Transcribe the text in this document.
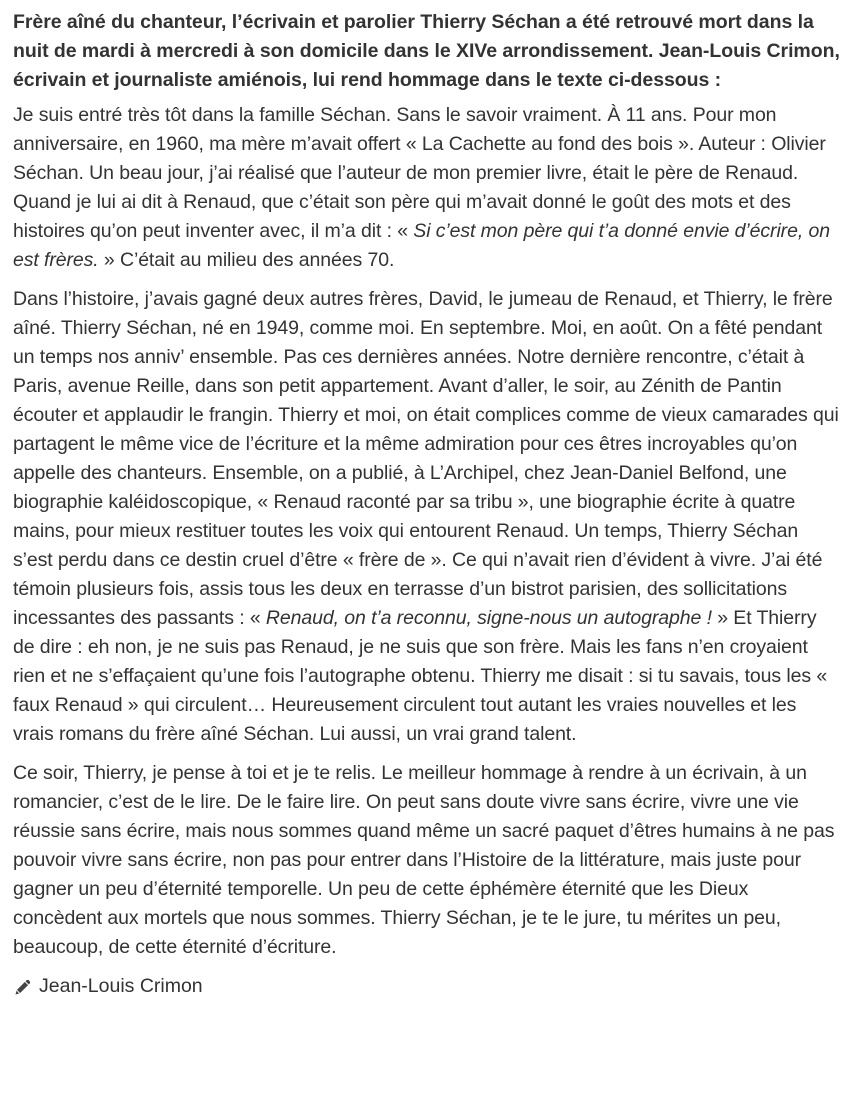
Frère aîné du chanteur, l’écrivain et parolier Thierry Séchan a été retrouvé mort dans la nuit de mardi à mercredi à son domicile dans le XIVe arrondissement. Jean-Louis Crimon, écrivain et journaliste amiénois, lui rend hommage dans le texte ci-dessous :

Je suis entré très tôt dans la famille Séchan. Sans le savoir vraiment. À 11 ans. Pour mon anniversaire, en 1960, ma mère m’avait offert « La Cachette au fond des bois ». Auteur : Olivier Séchan. Un beau jour, j’ai réalisé que l’auteur de mon premier livre, était le père de Renaud. Quand je lui ai dit à Renaud, que c’était son père qui m’avait donné le goût des mots et des histoires qu’on peut inventer avec, il m’a dit : « Si c’est mon père qui t’a donné envie d’écrire, on est frères. » C’était au milieu des années 70.

Dans l’histoire, j’avais gagné deux autres frères, David, le jumeau de Renaud, et Thierry, le frère aîné. Thierry Séchan, né en 1949, comme moi. En septembre. Moi, en août. On a fêté pendant un temps nos anniv’ ensemble. Pas ces dernières années. Notre dernière rencontre, c’était à Paris, avenue Reille, dans son petit appartement. Avant d’aller, le soir, au Zénith de Pantin écouter et applaudir le frangin. Thierry et moi, on était complices comme de vieux camarades qui partagent le même vice de l’écriture et la même admiration pour ces êtres incroyables qu’on appelle des chanteurs. Ensemble, on a publié, à L’Archipel, chez Jean-Daniel Belfond, une biographie kaléidoscopique, « Renaud raconté par sa tribu », une biographie écrite à quatre mains, pour mieux restituer toutes les voix qui entourent Renaud. Un temps, Thierry Séchan s’est perdu dans ce destin cruel d’être « frère de ». Ce qui n’avait rien d’évident à vivre. J’ai été témoin plusieurs fois, assis tous les deux en terrasse d’un bistrot parisien, des sollicitations incessantes des passants : « Renaud, on t’a reconnu, signe-nous un autographe ! » Et Thierry de dire : eh non, je ne suis pas Renaud, je ne suis que son frère. Mais les fans n’en croyaient rien et ne s’effaçaient qu’une fois l’autographe obtenu. Thierry me disait : si tu savais, tous les « faux Renaud » qui circulent… Heureusement circulent tout autant les vraies nouvelles et les vrais romans du frère aîné Séchan. Lui aussi, un vrai grand talent.

Ce soir, Thierry, je pense à toi et je te relis. Le meilleur hommage à rendre à un écrivain, à un romancier, c’est de le lire. De le faire lire. On peut sans doute vivre sans écrire, vivre une vie réussie sans écrire, mais nous sommes quand même un sacré paquet d’êtres humains à ne pas pouvoir vivre sans écrire, non pas pour entrer dans l’Histoire de la littérature, mais juste pour gagner un peu d’éternité temporelle. Un peu de cette éphémère éternité que les Dieux concèdent aux mortels que nous sommes. Thierry Séchan, je te le jure, tu mérites un peu, beaucoup, de cette éternité d’écriture.

Jean-Louis Crimon
